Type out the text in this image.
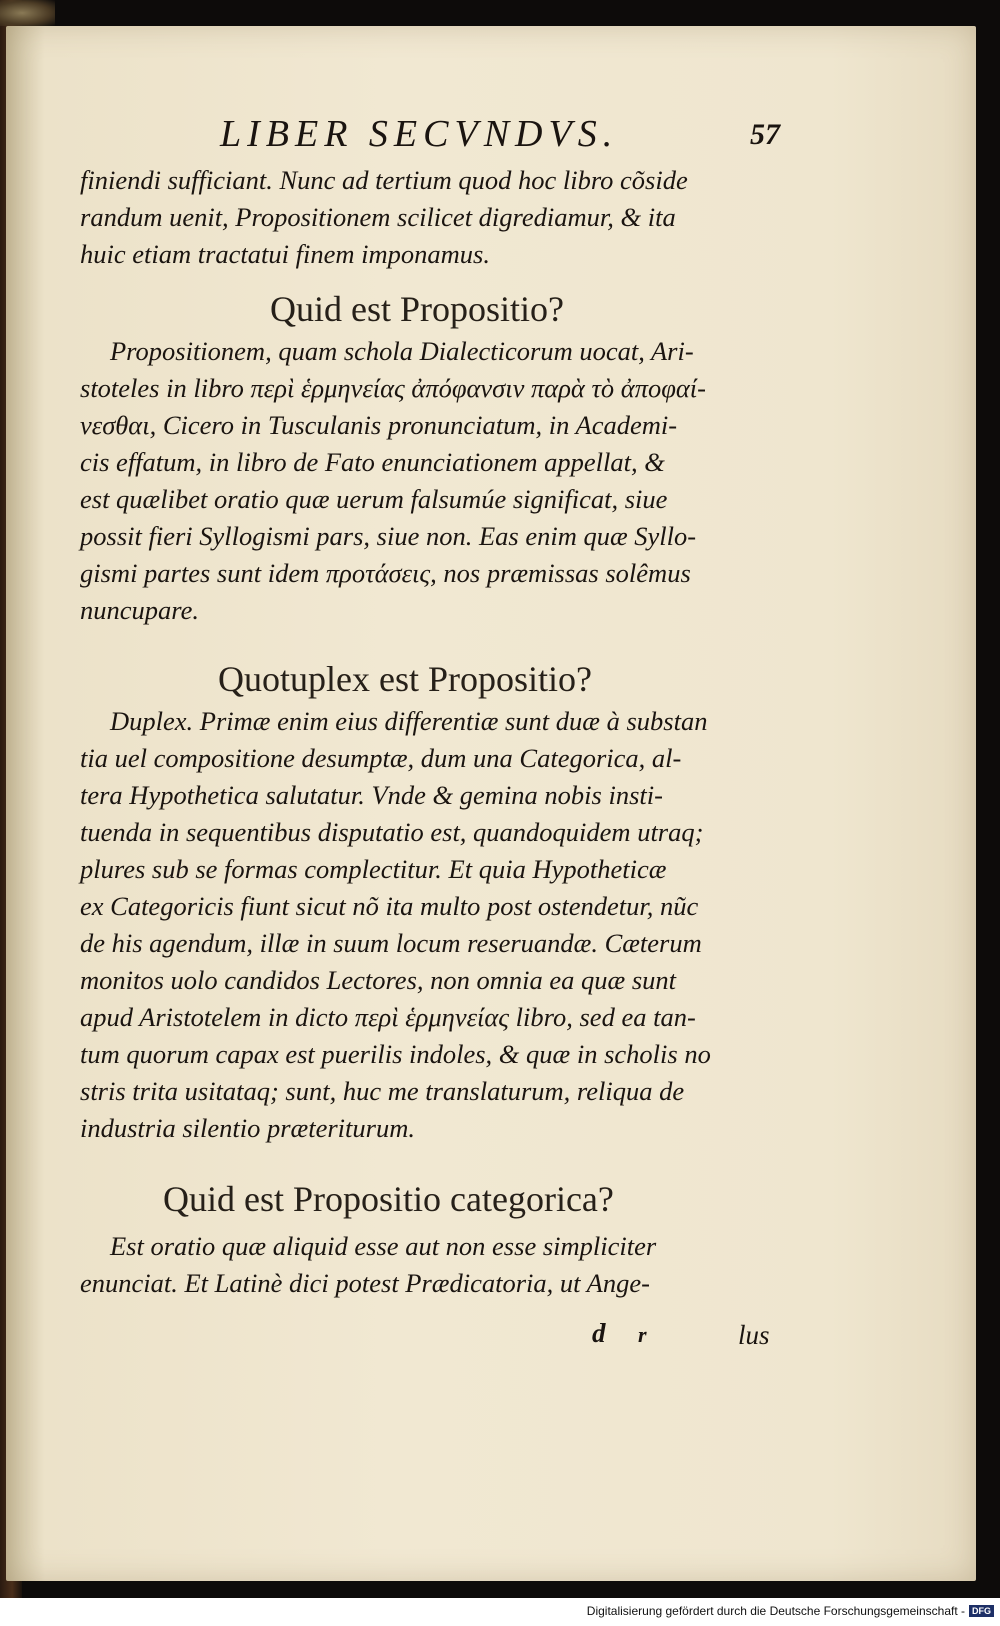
LIBER SECVNDVS.	57
finiendi sufficiant. Nunc ad tertium quod hoc libro cõside
randum uenit, Propositionem scilicet digrediamur, & ita
huic etiam tractatui finem imponamus.
Quid est Propositio?
Propositionem, quam schola Dialecticorum uocat, Ari-
stoteles in libro περὶ ἑρμηνείας ἀπόφανσιν παρὰ τὸ ἀποφαί-
νεσθαι, Cicero in Tusculanis pronunciatum, in Academi-
cis effatum, in libro de Fato enunciationem appellat, &
est quælibet oratio quæ uerum falsumúe significat, siue
possit fieri Syllogismi pars, siue non. Eas enim quæ Syllo-
gismi partes sunt idem προτάσεις, nos præmissas solêmus
nuncupare.
Quotuplex est Propositio?
Duplex. Primæ enim eius differentiæ sunt duæ à substan
tia uel compositione desumptæ, dum una Categorica, al-
tera Hypothetica salutatur. Vnde & gemina nobis insti-
tuenda in sequentibus disputatio est, quandoquidem utraq;
plures sub se formas complectitur. Et quia Hypotheticæ
ex Categoricis fiunt sicut nõ ita multo post ostendetur, nũc
de his agendum, illæ in suum locum reseruandæ. Cæterum
monitos uolo candidos Lectores, non omnia ea quæ sunt
apud Aristotelem in dicto περὶ ἑρμηνείας libro, sed ea tan-
tum quorum capax est puerilis indoles, & quæ in scholis no
stris trita usitataq; sunt, huc me translaturum, reliqua de
industria silentio præteriturum.
Quid est Propositio categorica?
Est oratio quæ aliquid esse aut non esse simpliciter
enunciat. Et Latinè dici potest Prædicatoria, ut Ange-
d r	lus
Digitalisierung gefördert durch die Deutsche Forschungsgemeinschaft - DFG
